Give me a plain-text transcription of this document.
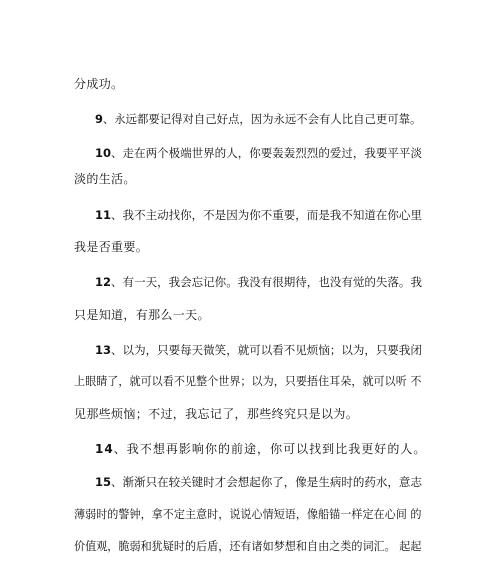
分成功。
9、永远都要记得对自己好点，因为永远不会有人比自己更可靠。
10、走在两个极端世界的人，你要轰轰烈烈的爱过，我要平平淡
淡的生活。
11、我不主动找你，不是因为你不重要，而是我不知道在你心里
我是否重要。
12、有一天，我会忘记你。我没有很期待，也没有觉的失落。我
只是知道，有那么一天。
13、以为，只要每天微笑，就可以看不见烦恼；以为，只要我闭
上眼睛了，就可以看不见整个世界；以为，只要捂住耳朵，就可以听 不
见那些烦恼；不过，我忘记了，那些终究只是以为。
14、我不想再影响你的前途，你可以找到比我更好的人。
15、渐渐只在较关键时才会想起你了，像是生病时的药水，意志
薄弱时的警钟，拿不定主意时，说说心情短语，像船锚一样定在心间 的
价值观，脆弱和犹疑时的后盾，还有诸如梦想和自由之类的词汇。 起起
